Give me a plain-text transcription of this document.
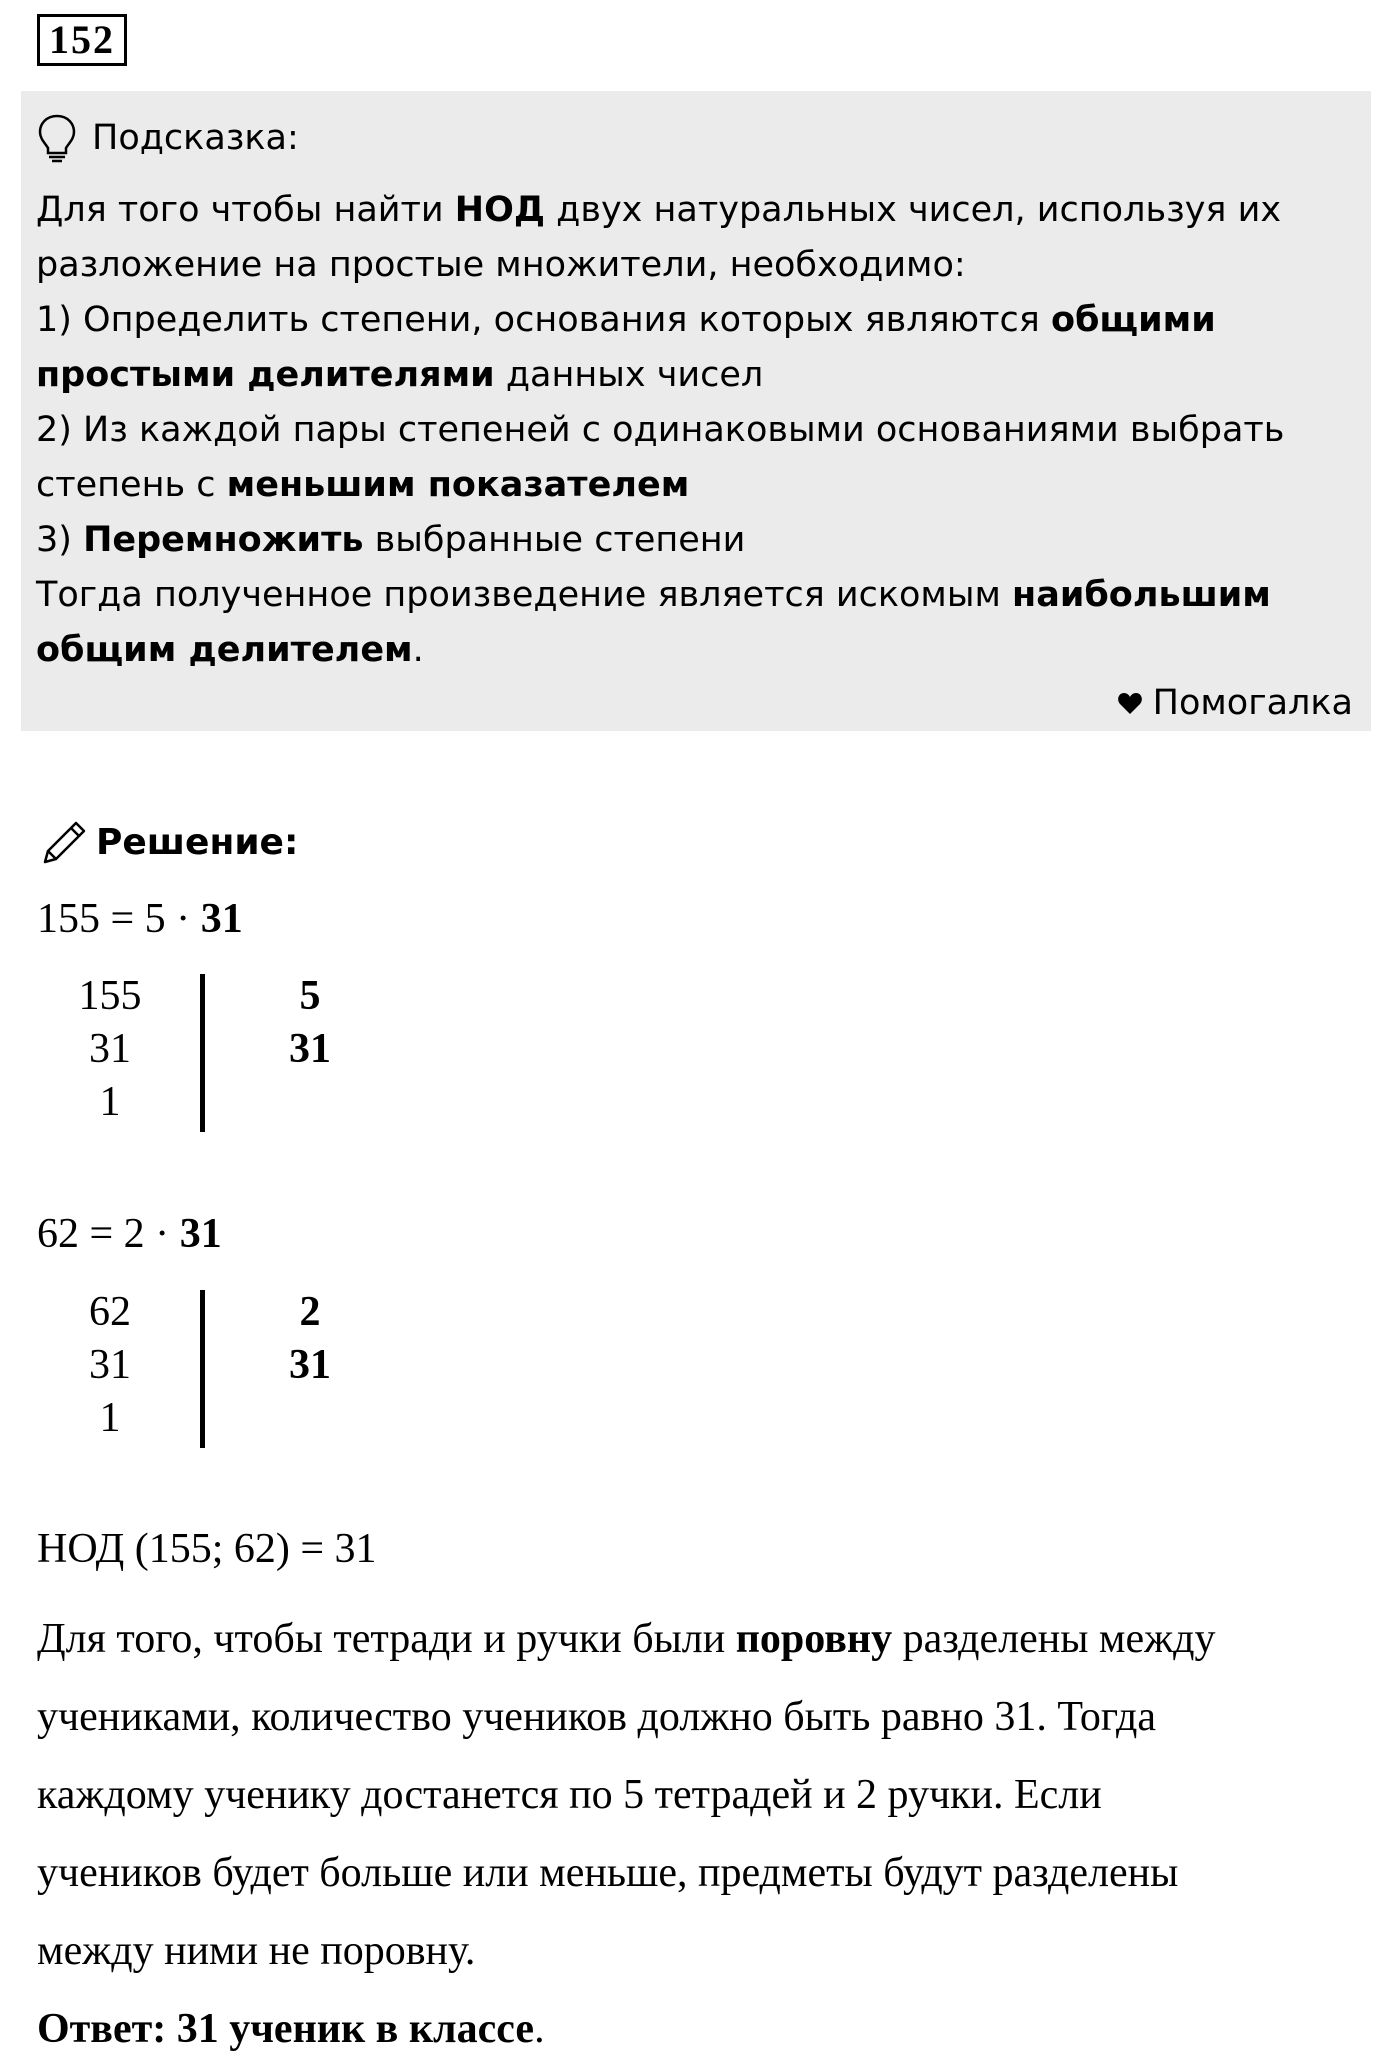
152
Подсказка:

Для того чтобы найти НОД двух натуральных чисел, используя их

разложение на простые множители, необходимо:

1) Определить степени, основания которых являются общими

простыми делителями данных чисел

2) Из каждой пары степеней с одинаковыми основаниями выбрать

степень с меньшим показателем

3) Перемножить выбранные степени

Тогда полученное произведение является искомым наибольшим

общим делителем.

Помогалка
Решение:
155 = 5 · 31
155
31
1
5
31
62 = 2 · 31
62
31
1
2
31
НОД (155; 62) = 31

Для того, чтобы тетради и ручки были поровну разделены между

учениками, количество учеников должно быть равно 31. Тогда

каждому ученику достанется по 5 тетрадей и 2 ручки. Если

учеников будет больше или меньше, предметы будут разделены

между ними не поровну.

Ответ: 31 ученик в классе.
